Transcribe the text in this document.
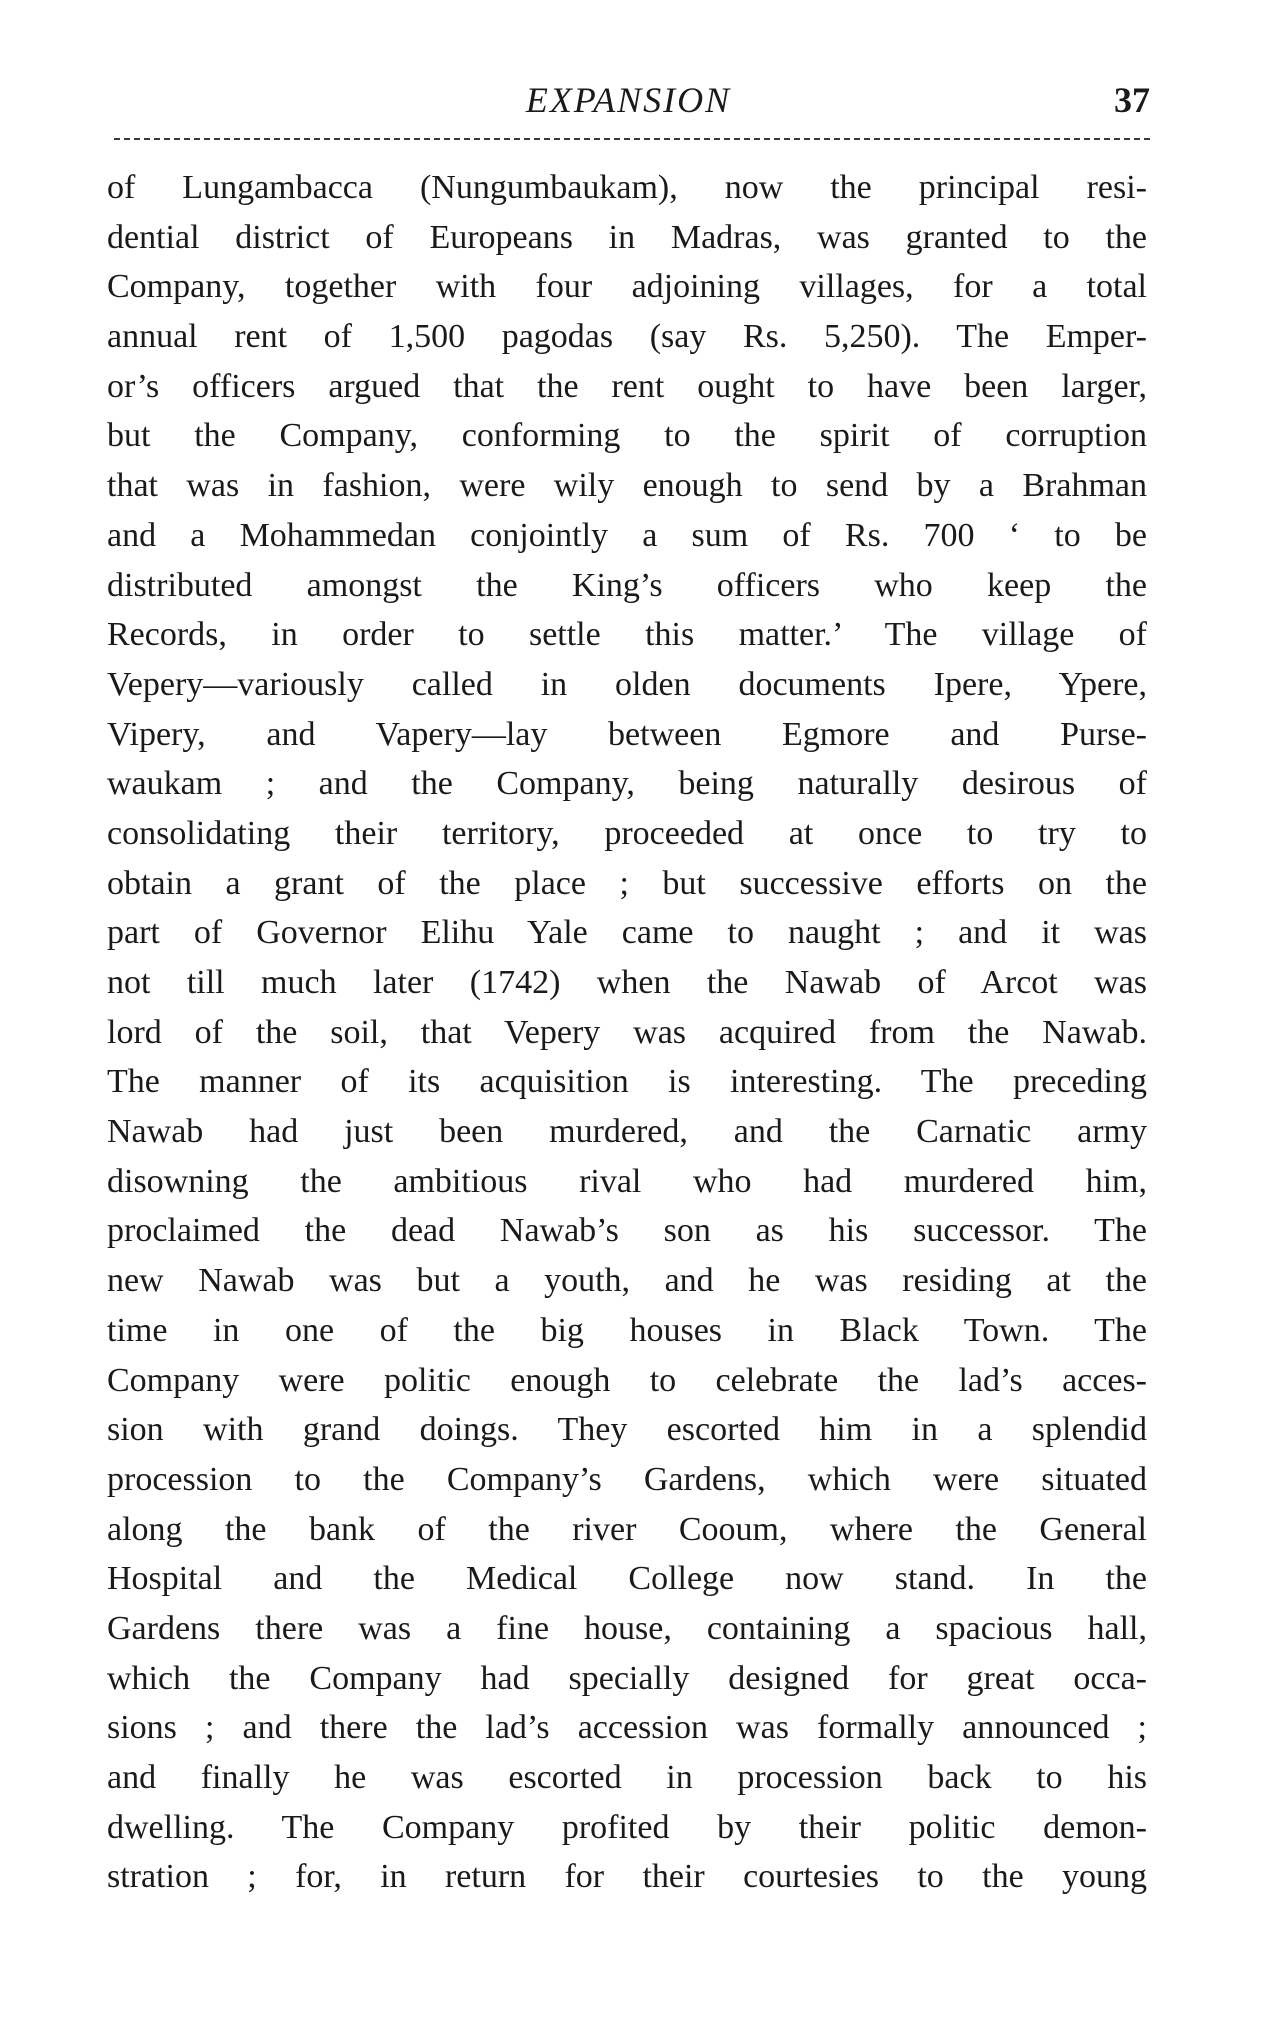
EXPANSION	37
of Lungambacca (Nungumbaukam), now the principal resi-
dential district of Europeans in Madras, was granted to the
Company, together with four adjoining villages, for a total
annual rent of 1,500 pagodas (say Rs. 5,250). The Emper-
or’s officers argued that the rent ought to have been larger,
but the Company, conforming to the spirit of corruption
that was in fashion, were wily enough to send by a Brahman
and a Mohammedan conjointly a sum of Rs. 700 ‘ to be
distributed amongst the King’s officers who keep the
Records, in order to settle this matter.’ The village of
Vepery—variously called in olden documents Ipere, Ypere,
Vipery, and Vapery—lay between Egmore and Purse-
waukam ; and the Company, being naturally desirous of
consolidating their territory, proceeded at once to try to
obtain a grant of the place ; but successive efforts on the
part of Governor Elihu Yale came to naught ; and it was
not till much later (1742) when the Nawab of Arcot was
lord of the soil, that Vepery was acquired from the Nawab.
The manner of its acquisition is interesting. The preceding
Nawab had just been murdered, and the Carnatic army
disowning the ambitious rival who had murdered him,
proclaimed the dead Nawab’s son as his successor. The
new Nawab was but a youth, and he was residing at the
time in one of the big houses in Black Town. The
Company were politic enough to celebrate the lad’s acces-
sion with grand doings. They escorted him in a splendid
procession to the Company’s Gardens, which were situated
along the bank of the river Cooum, where the General
Hospital and the Medical College now stand. In the
Gardens there was a fine house, containing a spacious hall,
which the Company had specially designed for great occa-
sions ; and there the lad’s accession was formally announced ;
and finally he was escorted in procession back to his
dwelling. The Company profited by their politic demon-
stration ; for, in return for their courtesies to the young
